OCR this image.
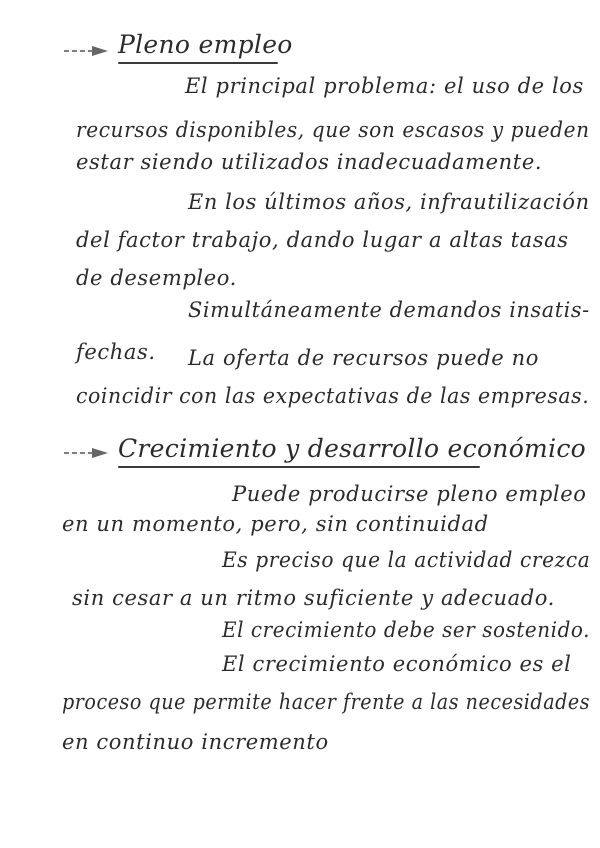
Pleno empleo
El principal problema: el uso de los
recursos disponibles, que son escasos y pueden
estar siendo utilizados inadecuadamente.
En los últimos años, infrautilización
del factor trabajo, dando lugar a altas tasas
de desempleo.
Simultáneamente demandos insatis-
fechas. La oferta de recursos puede no
coincidir con las expectativas de las empresas.
Crecimiento y desarrollo económico
Puede producirse pleno empleo
en un momento, pero, sin continuidad
Es preciso que la actividad crezca
sin cesar a un ritmo suficiente y adecuado.
El crecimiento debe ser sostenido.
El crecimiento económico es el
proceso que permite hacer frente a las necesidades
en continuo incremento
